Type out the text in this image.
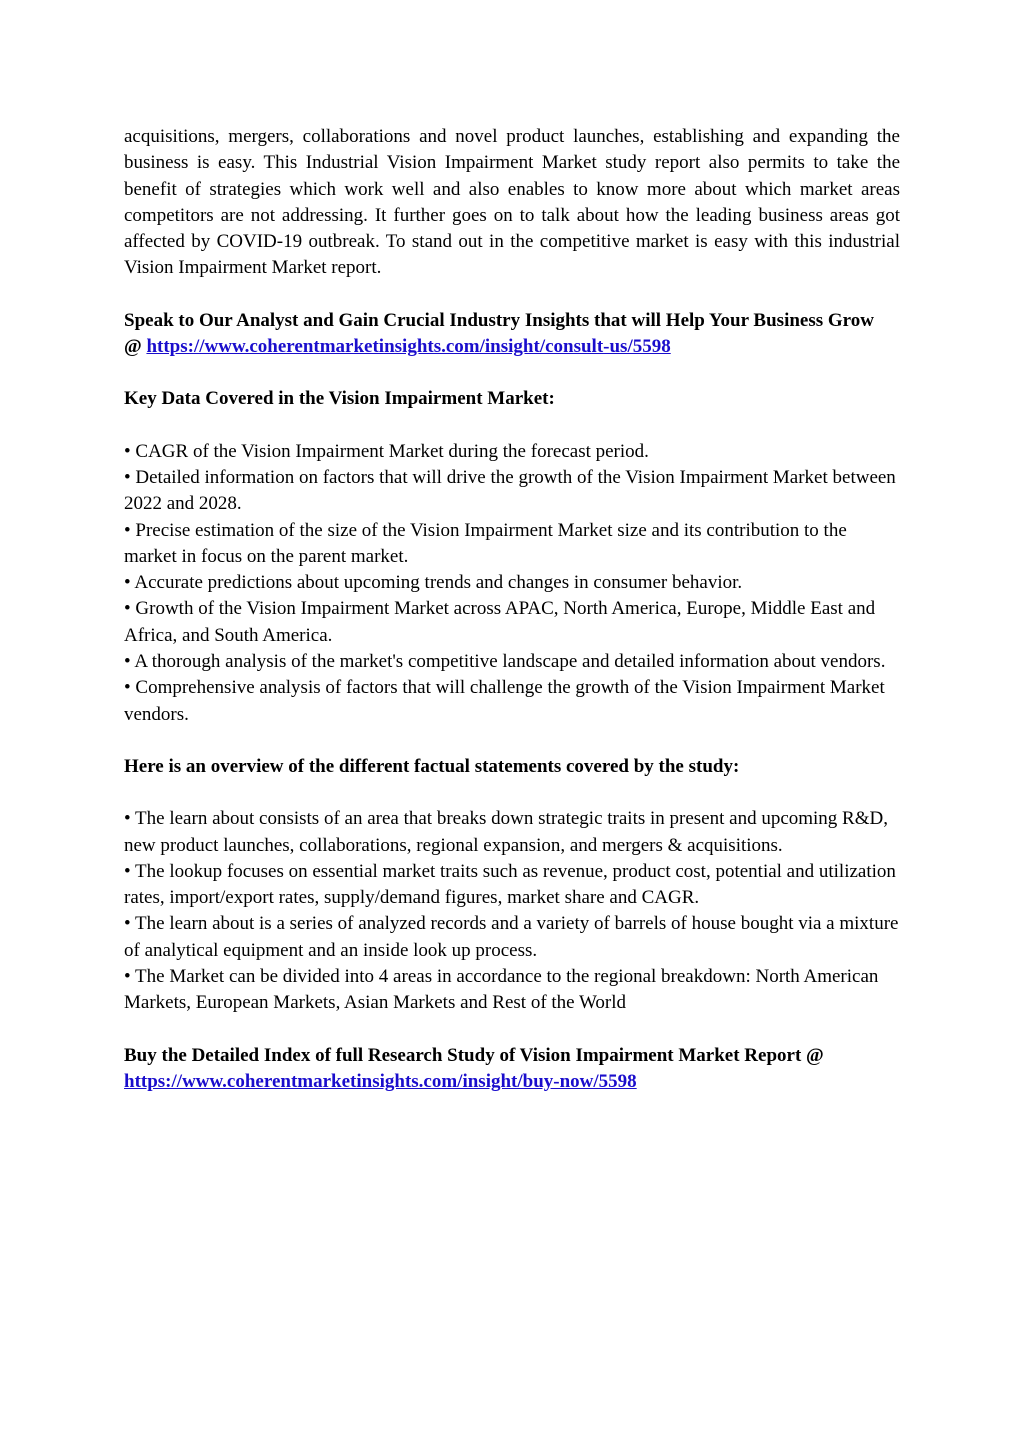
acquisitions, mergers, collaborations and novel product launches, establishing and expanding the business is easy. This Industrial Vision Impairment Market study report also permits to take the benefit of strategies which work well and also enables to know more about which market areas competitors are not addressing. It further goes on to talk about how the leading business areas got affected by COVID-19 outbreak. To stand out in the competitive market is easy with this industrial Vision Impairment Market report.

Speak to Our Analyst and Gain Crucial Industry Insights that will Help Your Business Grow
@ https://www.coherentmarketinsights.com/insight/consult-us/5598

Key Data Covered in the Vision Impairment Market:

• CAGR of the Vision Impairment Market during the forecast period.

• Detailed information on factors that will drive the growth of the Vision Impairment Market between 2022 and 2028.

• Precise estimation of the size of the Vision Impairment Market size and its contribution to the market in focus on the parent market.

• Accurate predictions about upcoming trends and changes in consumer behavior.

• Growth of the Vision Impairment Market across APAC, North America, Europe, Middle East and Africa, and South America.

• A thorough analysis of the market's competitive landscape and detailed information about vendors.

• Comprehensive analysis of factors that will challenge the growth of the Vision Impairment Market vendors.

Here is an overview of the different factual statements covered by the study:

• The learn about consists of an area that breaks down strategic traits in present and upcoming R&D, new product launches, collaborations, regional expansion, and mergers & acquisitions.

• The lookup focuses on essential market traits such as revenue, product cost, potential and utilization rates, import/export rates, supply/demand figures, market share and CAGR.

• The learn about is a series of analyzed records and a variety of barrels of house bought via a mixture of analytical equipment and an inside look up process.

• The Market can be divided into 4 areas in accordance to the regional breakdown: North American Markets, European Markets, Asian Markets and Rest of the World

Buy the Detailed Index of full Research Study of Vision Impairment Market Report @ https://www.coherentmarketinsights.com/insight/buy-now/5598
